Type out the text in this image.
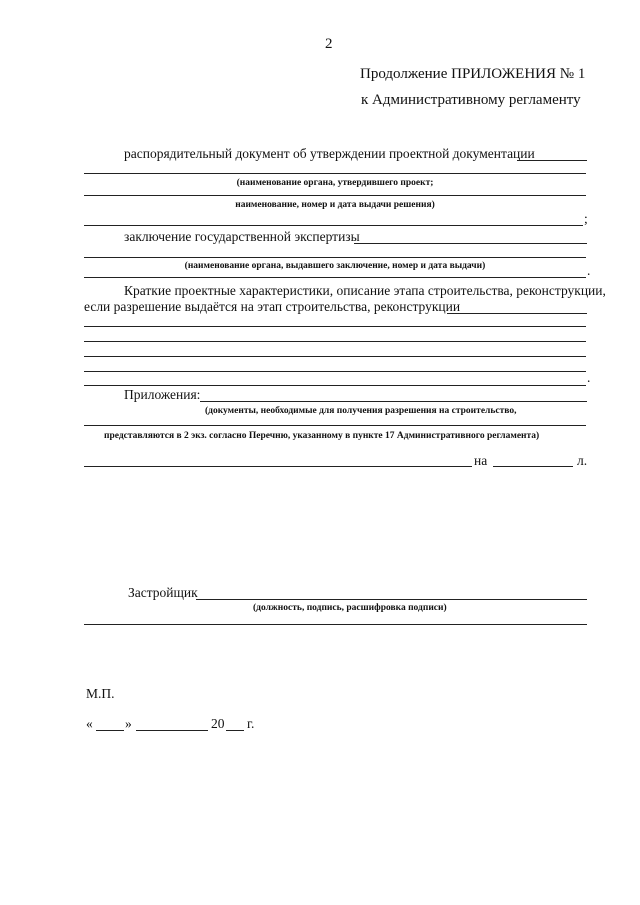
2
Продолжение ПРИЛОЖЕНИЯ № 1
к Административному регламенту
распорядительный документ об утверждении проектной документации
(наименование органа, утвердившего проект;
наименование, номер и дата выдачи решения)
;
заключение государственной экспертизы
(наименование органа, выдавшего заключение, номер и дата выдачи)	.
Краткие проектные характеристики, описание этапа строительства, реконструкции,
если разрешение выдаётся на этап строительства, реконструкции
.
Приложения:
(документы, необходимые для получения разрешения на строительство,
представляются в 2 экз. согласно Перечню, указанному в пункте 17 Административного регламента)
на	л.
Застройщик
(должность, подпись, расшифровка подписи)
М.П.
« »	20 г.
